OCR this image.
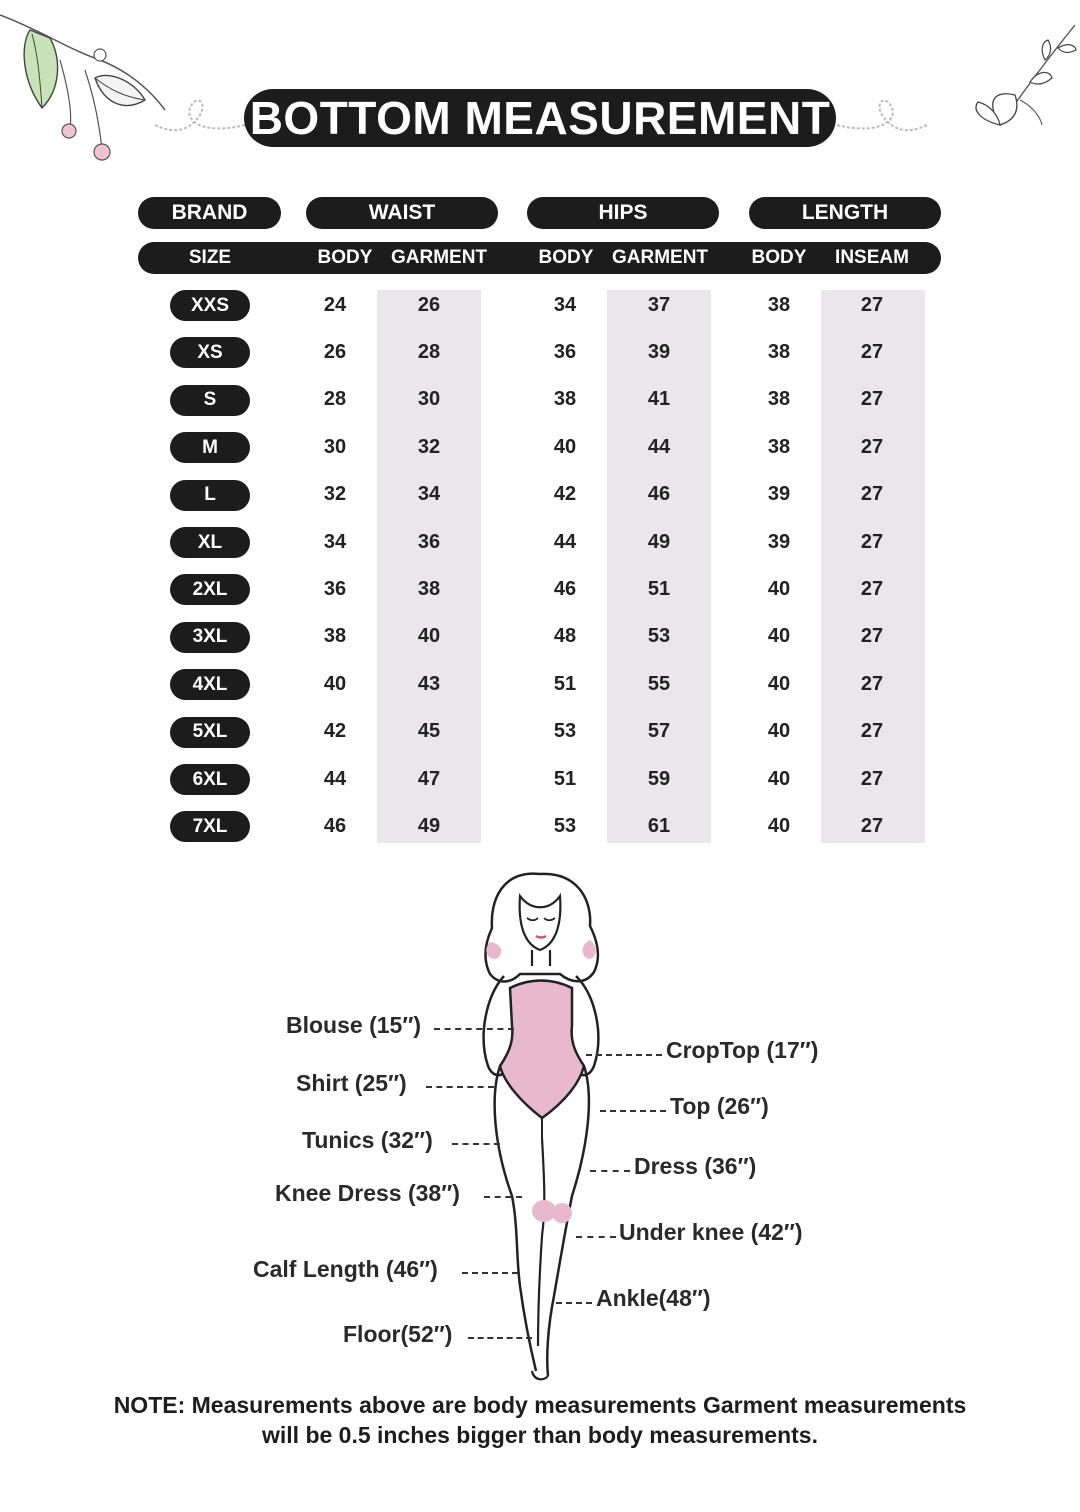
BOTTOM MEASUREMENT
BRAND	WAIST	HIPS	LENGTH
SIZE	BODY GARMENT	BODY GARMENT	BODY	INSEAM
XXS	24	26	34	37	38	27
XS	26	28	36	39	38	27
S	28	30	38	41	38	27
M	30	32	40	44	38	27
L	32	34	42	46	39	27
XL	34	36	44	49	39	27
2XL	36	38	46	51	40	27
3XL	38	40	48	53	40	27
4XL	40	43	51	55	40	27
5XL	42	45	53	57	40	27
6XL	44	47	51	59	40	27
7XL	46	49	53	61	40	27
Blouse (15′′)
Shirt (25′′)
Tunics (32′′)
Knee Dress (38′′)
Calf Length (46′′)
Floor(52′′)
CropTop (17′′)
Top (26′′)
Dress (36′′)
Under knee (42′′)
Ankle(48′′)
NOTE: Measurements above are body measurements Garment measurements
will be 0.5 inches bigger than body measurements.
